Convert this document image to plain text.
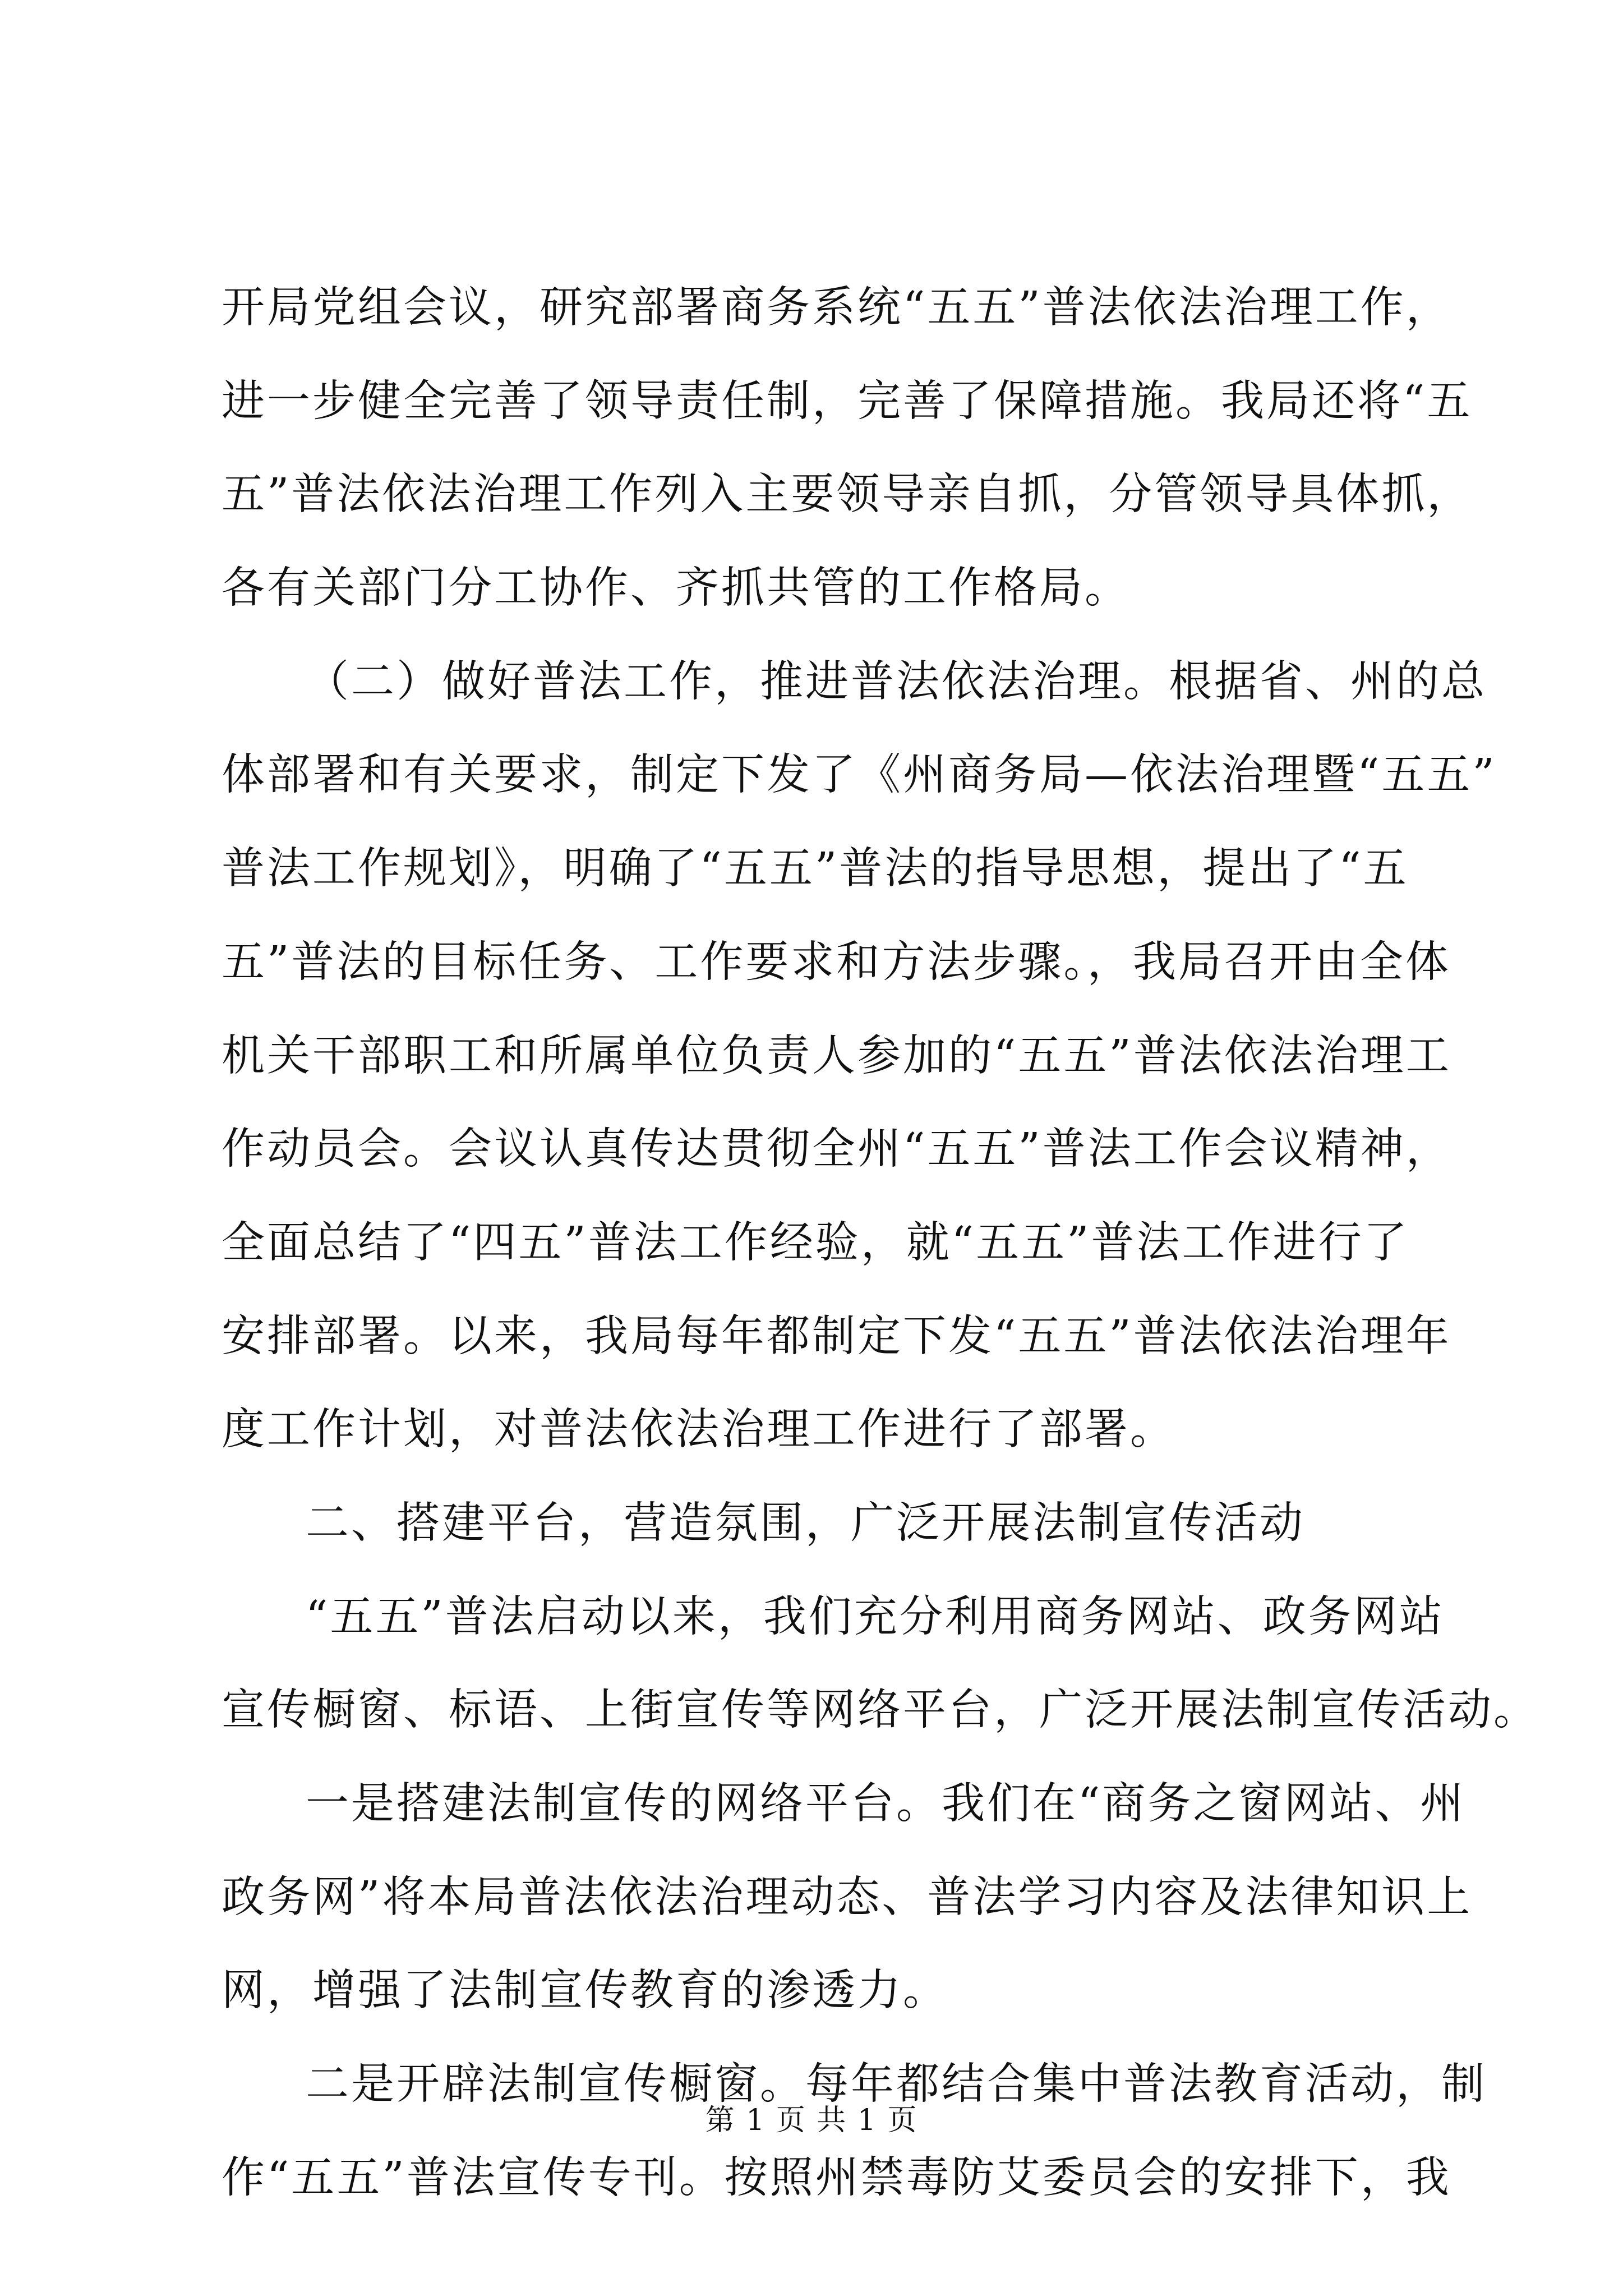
开局党组会议，研究部署商务系统“五五”普法依法治理工作，
进一步健全完善了领导责任制，完善了保障措施。我局还将“五
五”普法依法治理工作列入主要领导亲自抓，分管领导具体抓，
各有关部门分工协作、齐抓共管的工作格局。
（二）做好普法工作，推进普法依法治理。根据省、州的总
体部署和有关要求，制定下发了《州商务局—依法治理暨“五五”
普法工作规划》，明确了“五五”普法的指导思想，提出了“五
五”普法的目标任务、工作要求和方法步骤。，我局召开由全体
机关干部职工和所属单位负责人参加的“五五”普法依法治理工
作动员会。会议认真传达贯彻全州“五五”普法工作会议精神，
全面总结了“四五”普法工作经验，就“五五”普法工作进行了
安排部署。以来，我局每年都制定下发“五五”普法依法治理年
度工作计划，对普法依法治理工作进行了部署。
二、搭建平台，营造氛围，广泛开展法制宣传活动
“五五”普法启动以来，我们充分利用商务网站、政务网站
宣传橱窗、标语、上街宣传等网络平台，广泛开展法制宣传活动。
一是搭建法制宣传的网络平台。我们在“商务之窗网站、州
政务网”将本局普法依法治理动态、普法学习内容及法律知识上
网，增强了法制宣传教育的渗透力。
二是开辟法制宣传橱窗。每年都结合集中普法教育活动，制
作“五五”普法宣传专刊。按照州禁毒防艾委员会的安排下，我
第 1 页 共 1 页
